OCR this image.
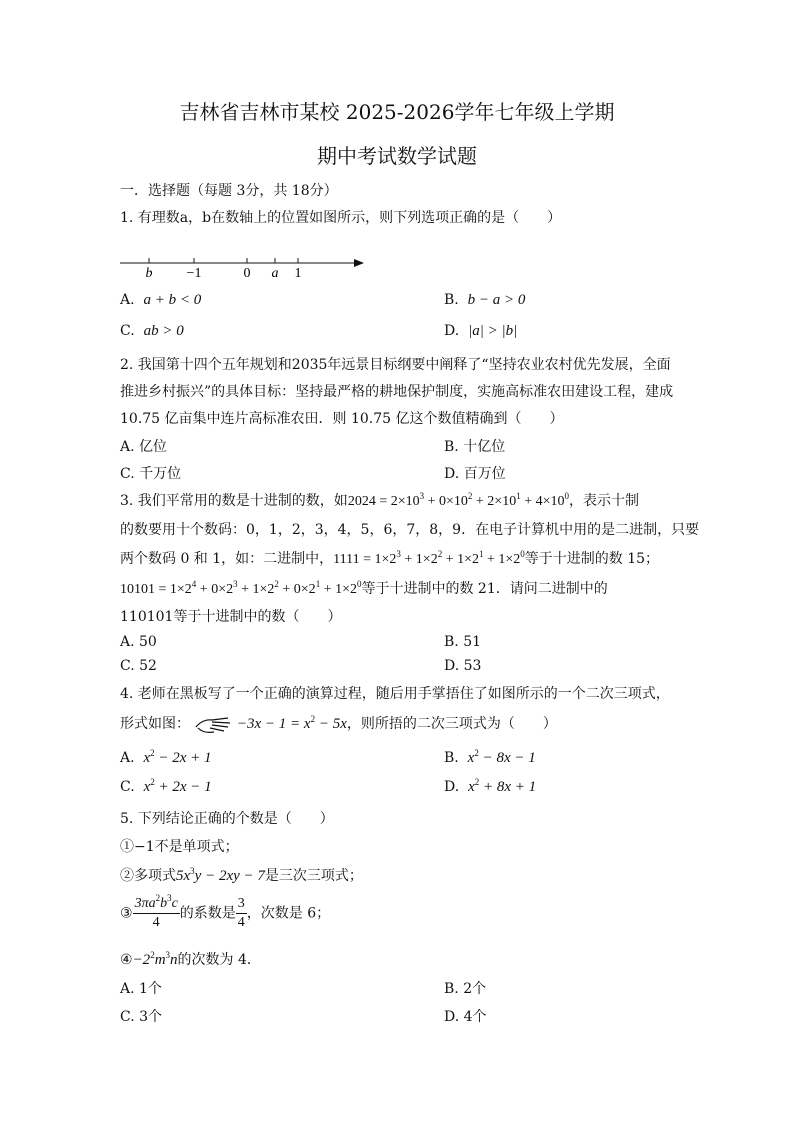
吉林省吉林市某校 2025-2026学年七年级上学期
期中考试数学试题
一．选择题（每题 3分，共 18分）
1. 有理数a，b在数轴上的位置如图所示，则下列选项正确的是（　　）
b −1	0 a 1
A. a + b < 0	B. b − a > 0
C. ab > 0	D. |a| > |b|
2. 我国第十四个五年规划和2035年远景目标纲要中阐释了“坚持农业农村优先发展，全面
推进乡村振兴”的具体目标：坚持最严格的耕地保护制度，实施高标准农田建设工程，建成
10.75 亿亩集中连片高标准农田．则 10.75 亿这个数值精确到（　　）
A. 亿位	B. 十亿位
C. 千万位	D. 百万位
3. 我们平常用的数是十进制的数，如$2024 = 2\times 10^3 + 0\times 10^2 + 2\times 10^1 + 4\times 10^0$，表示十制
的数要用十个数码：0，1，2，3，4，5，6，7，8，9．在电子计算机中用的是二进制，只要
两个数码 0 和 1，如：二进制中，$1111 = 1\times 2^3 + 1\times 2^2 + 1\times 2^1 + 1\times 2^0$等于十进制的数 15；
$10101 = 1\times 2^4 + 0\times 2^3 + 1\times 2^2 + 0\times 2^1 + 1\times 2^0$等于十进制中的数 21．请问二进制中的
110101等于十进制中的数（　　）
A. 50	B. 51
C. 52	D. 53
4. 老师在黑板写了一个正确的演算过程，随后用手掌捂住了如图所示的一个二次三项式，
形式如图：	$-3x - 1 = x^2 - 5x$，则所捂的二次三项式为（　　）
A. $x^2 - 2x + 1$	B. $x^2 - 8x - 1$
C. $x^2 + 2x - 1$	D. $x^2 + 8x + 1$
5. 下列结论正确的个数是（　　）
①−1不是单项式；
②多项式$5x^3y - 2xy - 7$是三次三项式；
③ $\frac{3\pi a^2b^3c}{4}$ 的系数是 $\frac{3}{4}$ ，次数是 6；
$④-2^2m^3n$的次数为 4．
A. 1个	B. 2个
C. 3个	D. 4个
